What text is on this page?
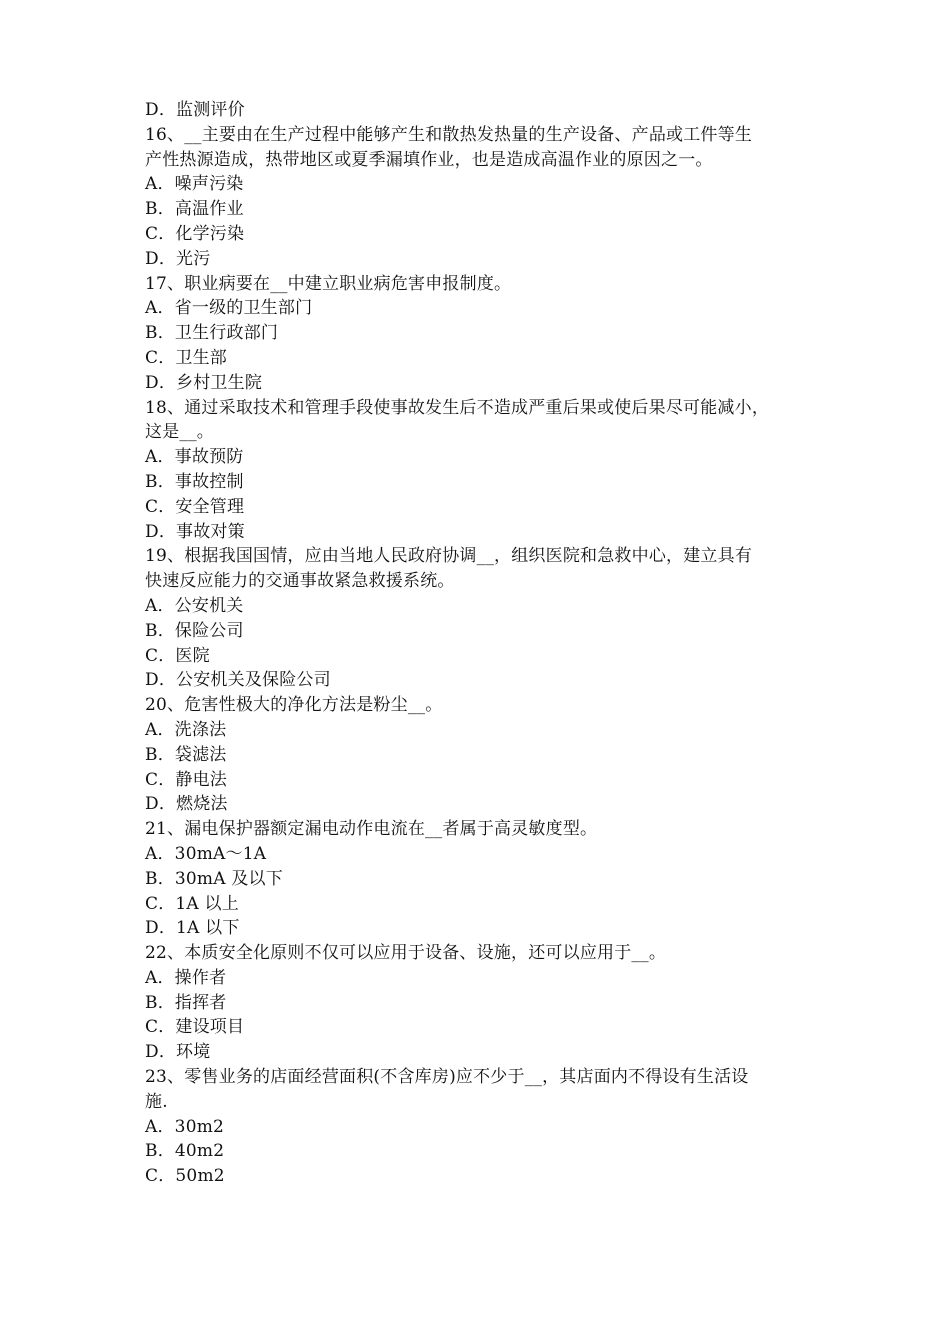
D．监测评价
16、__主要由在生产过程中能够产生和散热发热量的生产设备、产品或工件等生
产性热源造成，热带地区或夏季漏填作业，也是造成高温作业的原因之一。
A．噪声污染
B．高温作业
C．化学污染
D．光污
17、职业病要在__中建立职业病危害申报制度。
A．省一级的卫生部门
B．卫生行政部门
C．卫生部
D．乡村卫生院
18、通过采取技术和管理手段使事故发生后不造成严重后果或使后果尽可能减小，
这是__。
A．事故预防
B．事故控制
C．安全管理
D．事故对策
19、根据我国国情，应由当地人民政府协调__，组织医院和急救中心，建立具有
快速反应能力的交通事故紧急救援系统。
A．公安机关
B．保险公司
C．医院
D．公安机关及保险公司
20、危害性极大的净化方法是粉尘__。
A．洗涤法
B．袋滤法
C．静电法
D．燃烧法
21、漏电保护器额定漏电动作电流在__者属于高灵敏度型。
A．30mA～1A
B．30mA 及以下
C．1A 以上
D．1A 以下
22、本质安全化原则不仅可以应用于设备、设施，还可以应用于__。
A．操作者
B．指挥者
C．建设项目
D．环境
23、零售业务的店面经营面积(不含库房)应不少于__，其店面内不得设有生活设
施.
A．30m2
B．40m2
C．50m2
